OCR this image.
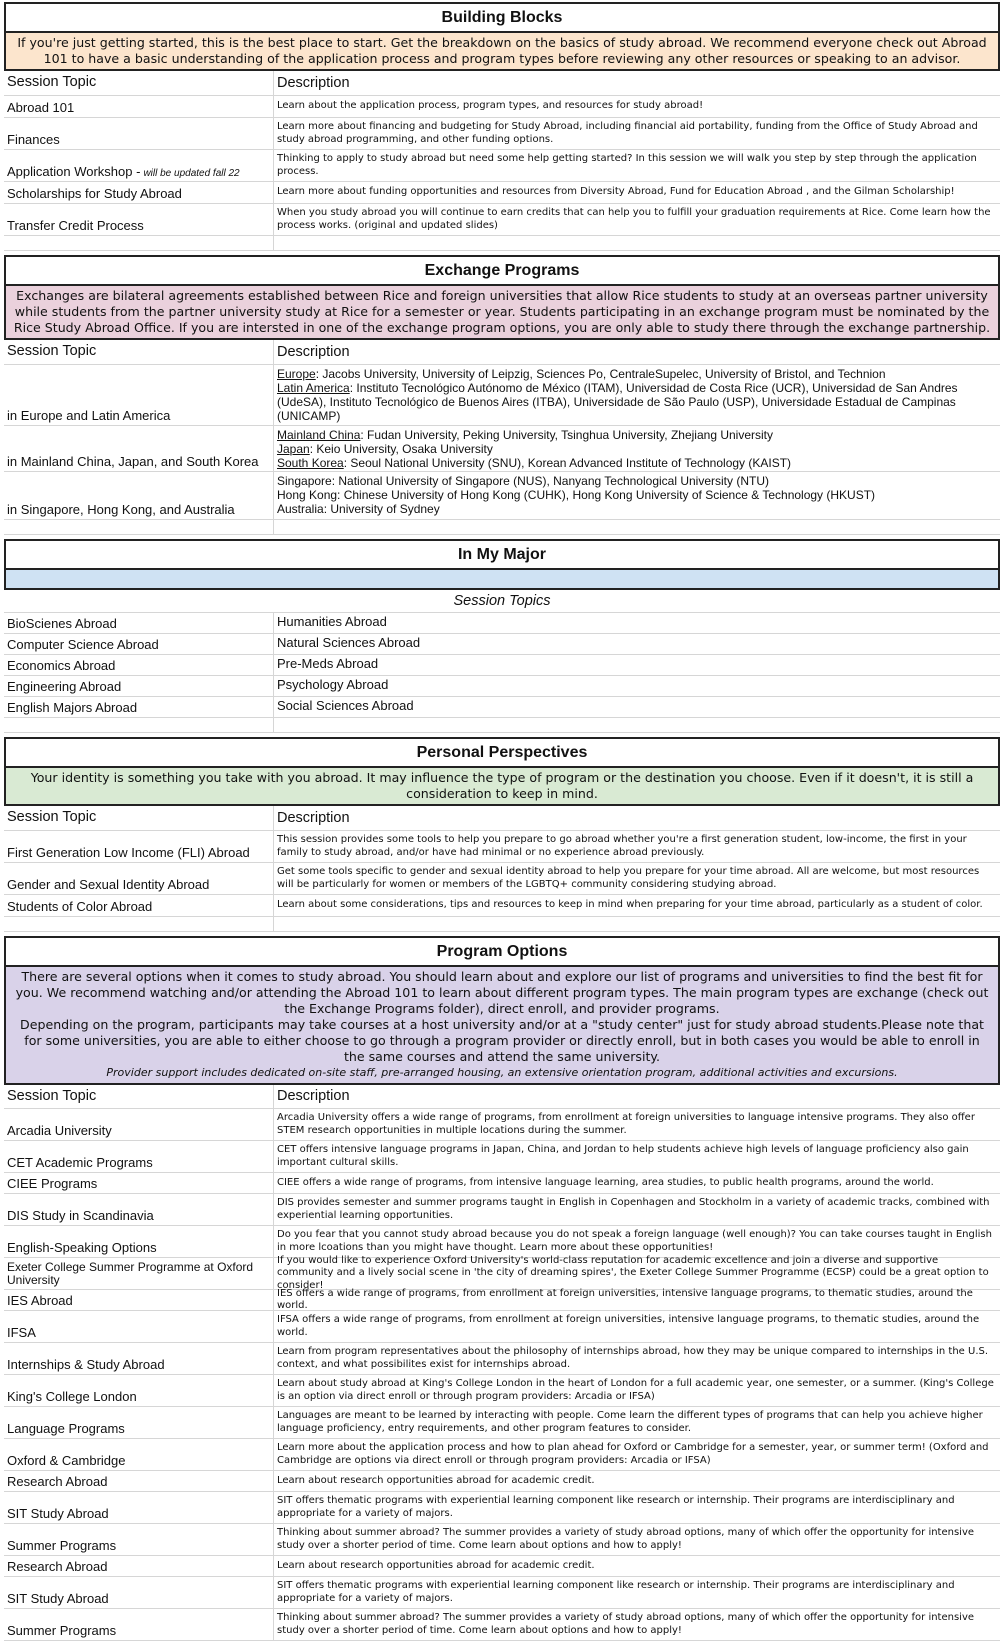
Building Blocks
If you're just getting started, this is the best place to start. Get the breakdown on the basics of study abroad. We recommend everyone check out Abroad 101 to have a basic understanding of the application process and program types before reviewing any other resources or speaking to an advisor.
Session Topic	Description
Abroad 101	Learn about the application process, program types, and resources for study abroad!
Finances
Learn more about financing and budgeting for Study Abroad, including financial aid portability, funding from the Office of Study Abroad and study abroad programming, and other funding options.
Application Workshop - will be updated fall 22
Thinking to apply to study abroad but need some help getting started? In this session we will walk you step by step through the application process.
Scholarships for Study Abroad	Learn more about funding opportunities and resources from Diversity Abroad, Fund for Education Abroad , and the Gilman Scholarship!
Transfer Credit Process
When you study abroad you will continue to earn credits that can help you to fulfill your graduation requirements at Rice. Come learn how the process works. (original and updated slides)
Exchange Programs
Exchanges are bilateral agreements established between Rice and foreign universities that allow Rice students to study at an overseas partner university while students from the partner university study at Rice for a semester or year. Students participating in an exchange program must be nominated by the Rice Study Abroad Office. If you are intersted in one of the exchange program options, you are only able to study there through the exchange partnership.
Session Topic	Description
in Europe and Latin America
Europe: Jacobs University, University of Leipzig, Sciences Po, CentraleSupelec, University of Bristol, and Technion
Latin America: Instituto Tecnológico Autónomo de México (ITAM), Universidad de Costa Rice (UCR), Universidad de San Andres (UdeSA), Instituto Tecnológico de Buenos Aires (ITBA), Universidade de São Paulo (USP), Universidade Estadual de Campinas (UNICAMP)
in Mainland China, Japan, and South Korea
Mainland China: Fudan University, Peking University, Tsinghua University, Zhejiang University
Japan: Keio University, Osaka University
South Korea: Seoul National University (SNU), Korean Advanced Institute of Technology (KAIST)
in Singapore, Hong Kong, and Australia
Singapore: National University of Singapore (NUS), Nanyang Technological University (NTU)
Hong Kong: Chinese University of Hong Kong (CUHK), Hong Kong University of Science & Technology (HKUST)
Australia: University of Sydney
In My Major
Session Topics
BioScienes Abroad	Humanities Abroad
Computer Science Abroad	Natural Sciences Abroad
Economics Abroad	Pre-Meds Abroad
Engineering Abroad	Psychology Abroad
English Majors Abroad	Social Sciences Abroad
Personal Perspectives
Your identity is something you take with you abroad. It may influence the type of program or the destination you choose. Even if it doesn't, it is still a consideration to keep in mind.
Session Topic	Description
First Generation Low Income (FLI) Abroad
This session provides some tools to help you prepare to go abroad whether you're a first generation student, low-income, the first in your family to study abroad, and/or have had minimal or no experience abroad previously.
Gender and Sexual Identity Abroad
Get some tools specific to gender and sexual identity abroad to help you prepare for your time abroad. All are welcome, but most resources will be particularly for women or members of the LGBTQ+ community considering studying abroad.
Students of Color Abroad	Learn about some considerations, tips and resources to keep in mind when preparing for your time abroad, particularly as a student of color.
Program Options
There are several options when it comes to study abroad. You should learn about and explore our list of programs and universities to find the best fit for you. We recommend watching and/or attending the Abroad 101 to learn about different program types. The main program types are exchange (check out the Exchange Programs folder), direct enroll, and provider programs.
Depending on the program, participants may take courses at a host university and/or at a "study center" just for study abroad students.Please note that for some universities, you are able to either choose to go through a program provider or directly enroll, but in both cases you would be able to enroll in the same courses and attend the same university.
Provider support includes dedicated on-site staff, pre-arranged housing, an extensive orientation program, additional activities and excursions.
Session Topic	Description
Arcadia University
Arcadia University offers a wide range of programs, from enrollment at foreign universities to language intensive programs. They also offer STEM research opportunities in multiple locations during the summer.
CET Academic Programs
CET offers intensive language programs in Japan, China, and Jordan to help students achieve high levels of language proficiency also gain important cultural skills.
CIEE Programs	CIEE offers a wide range of programs, from intensive language learning, area studies, to public health programs, around the world.
DIS Study in Scandinavia
DIS provides semester and summer programs taught in English in Copenhagen and Stockholm in a variety of academic tracks, combined with experiential learning opportunities.
English-Speaking Options
Do you fear that you cannot study abroad because you do not speak a foreign language (well enough)? You can take courses taught in English in more lcoations than you might have thought. Learn more about these opportunities!
Exeter College Summer Programme at Oxford University
If you would like to experience Oxford University's world-class reputation for academic excellence and join a diverse and supportive community and a lively social scene in 'the city of dreaming spires', the Exeter College Summer Programme (ECSP) could be a great option to consider!
IES Abroad	IES offers a wide range of programs, from enrollment at foreign universities, intensive language programs, to thematic studies, around the world.
IFSA
IFSA offers a wide range of programs, from enrollment at foreign universities, intensive language programs, to thematic studies, around the world.
Internships & Study Abroad
Learn from program representatives about the philosophy of internships abroad, how they may be unique compared to internships in the U.S. context, and what possibilites exist for internships abroad.
King's College London
Learn about study abroad at King's College London in the heart of London for a full academic year, one semester, or a summer. (King's College is an option via direct enroll or through program providers: Arcadia or IFSA)
Language Programs
Languages are meant to be learned by interacting with people. Come learn the different types of programs that can help you achieve higher language proficiency, entry requirements, and other program features to consider.
Oxford & Cambridge
Learn more about the application process and how to plan ahead for Oxford or Cambridge for a semester, year, or summer term! (Oxford and Cambridge are options via direct enroll or through program providers: Arcadia or IFSA)
Research Abroad	Learn about research opportunities abroad for academic credit.
SIT Study Abroad
SIT offers thematic programs with experiential learning component like research or internship. Their programs are interdisciplinary and appropriate for a variety of majors.
Summer Programs
Thinking about summer abroad? The summer provides a variety of study abroad options, many of which offer the opportunity for intensive study over a shorter period of time. Come learn about options and how to apply!
Research Abroad	Learn about research opportunities abroad for academic credit.
SIT Study Abroad
SIT offers thematic programs with experiential learning component like research or internship. Their programs are interdisciplinary and appropriate for a variety of majors.
Summer Programs
Thinking about summer abroad? The summer provides a variety of study abroad options, many of which offer the opportunity for intensive study over a shorter period of time. Come learn about options and how to apply!
